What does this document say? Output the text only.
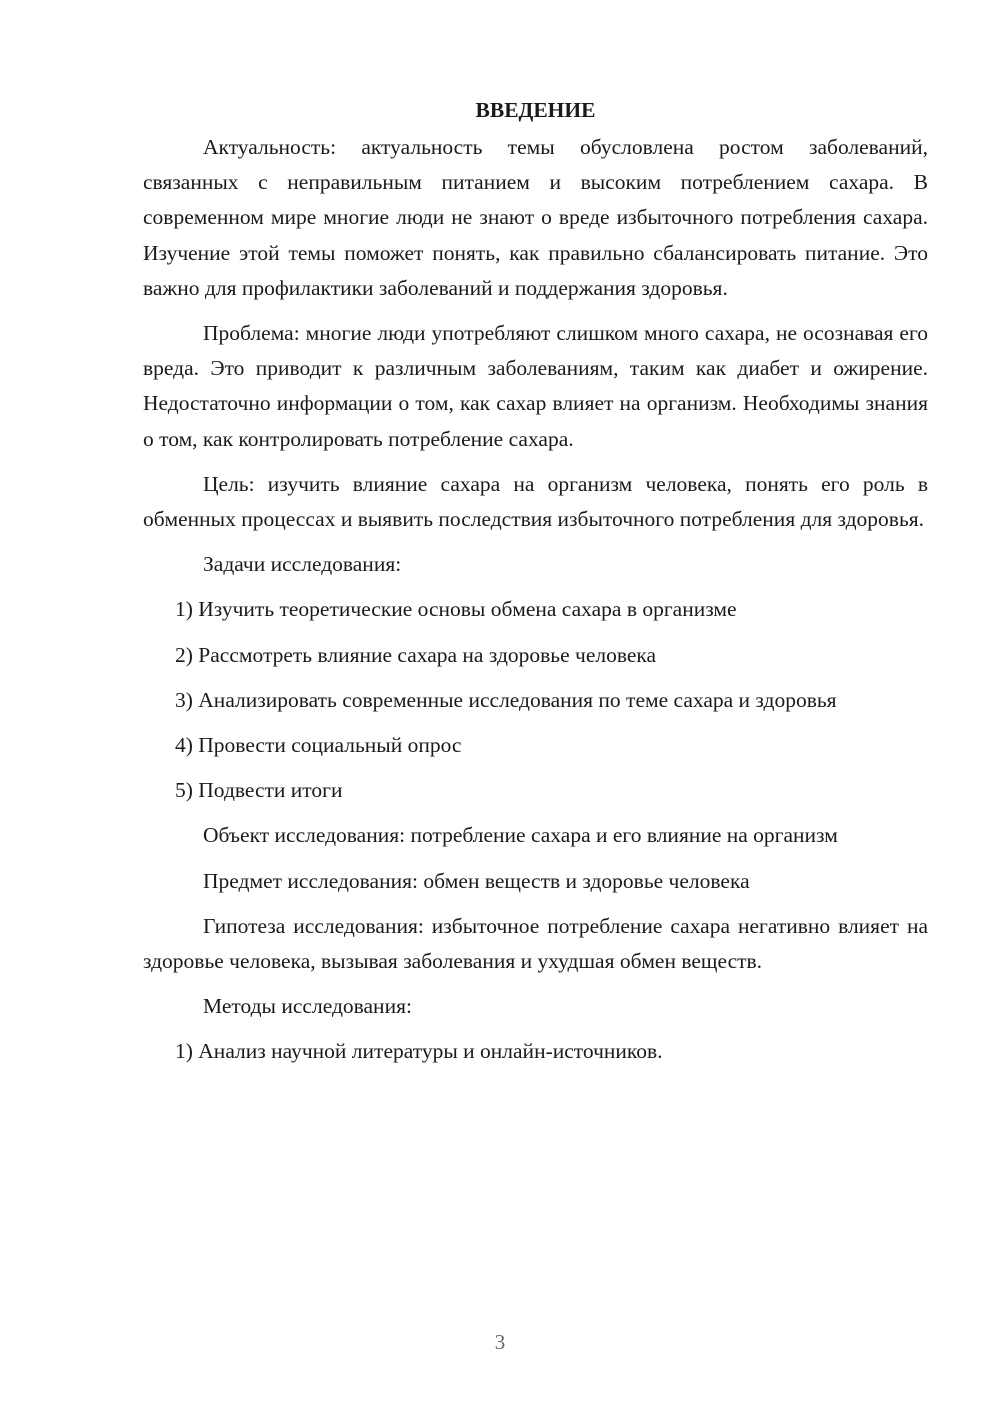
ВВЕДЕНИЕ

Актуальность: актуальность темы обусловлена ростом заболеваний, связанных с неправильным питанием и высоким потреблением сахара. В современном мире многие люди не знают о вреде избыточного потребления сахара. Изучение этой темы поможет понять, как правильно сбалансировать питание. Это важно для профилактики заболеваний и поддержания здоровья.

Проблема: многие люди употребляют слишком много сахара, не осознавая его вреда. Это приводит к различным заболеваниям, таким как диабет и ожирение. Недостаточно информации о том, как сахар влияет на организм. Необходимы знания о том, как контролировать потребление сахара.

Цель: изучить влияние сахара на организм человека, понять его роль в обменных процессах и выявить последствия избыточного потребления для здоровья.

Задачи исследования:

1) Изучить теоретические основы обмена сахара в организме

2) Рассмотреть влияние сахара на здоровье человека

3) Анализировать современные исследования по теме сахара и здоровья

4) Провести социальный опрос

5) Подвести итоги

Объект исследования: потребление сахара и его влияние на организм

Предмет исследования: обмен веществ и здоровье человека

Гипотеза исследования: избыточное потребление сахара негативно влияет на здоровье человека, вызывая заболевания и ухудшая обмен веществ.

Методы исследования:

1) Анализ научной литературы и онлайн-источников.

3
